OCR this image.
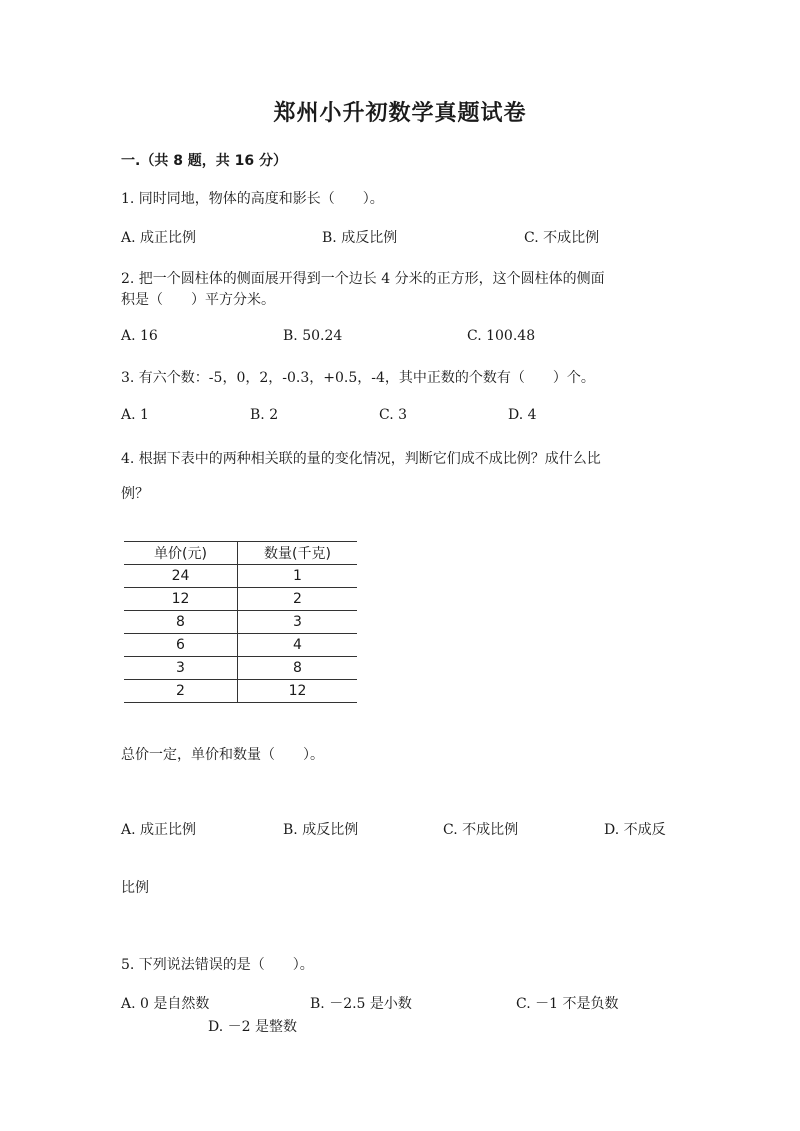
郑州小升初数学真题试卷
一.（共 8 题，共 16 分）
1. 同时同地，物体的高度和影长（　　）。
A. 成正比例	B. 成反比例	C. 不成比例
2. 把一个圆柱体的侧面展开得到一个边长 4 分米的正方形，这个圆柱体的侧面
积是（　　）平方分米。
A. 16	B. 50.24	C. 100.48
3. 有六个数：-5，0，2，-0.3，+0.5，-4，其中正数的个数有（　　）个。
A. 1	B. 2	C. 3	D. 4
4. 根据下表中的两种相关联的量的变化情况，判断它们成不成比例？成什么比
例？
单价(元)	数量(千克)
24	1
12	2
8	3
6	4
3	8
2	12
总价一定，单价和数量（　　）。
A. 成正比例	B. 成反比例	C. 不成比例	D. 不成反
比例
5. 下列说法错误的是（　　）。
A. 0 是自然数	B. －2.5 是小数	C. －1 不是负数
D. －2 是整数
